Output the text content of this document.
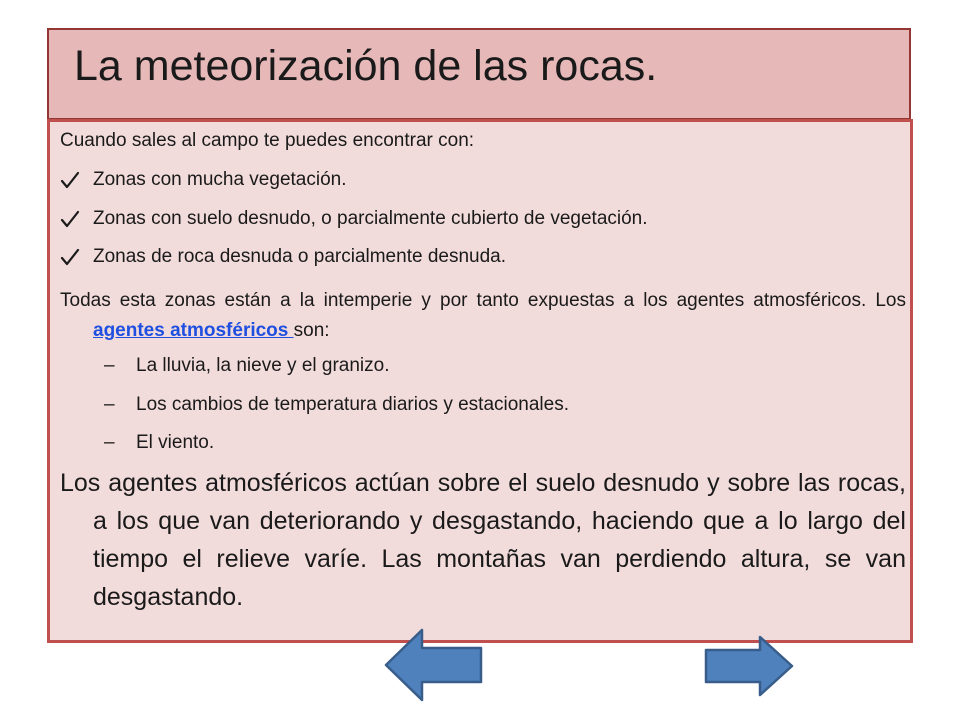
La meteorización de las rocas.
Cuando sales al campo te puedes encontrar con:
Zonas con mucha vegetación.
Zonas con suelo desnudo, o parcialmente cubierto de vegetación.
Zonas de roca desnuda o parcialmente desnuda.
Todas esta zonas están a la intemperie y por tanto expuestas a los agentes atmosféricos. Los agentes atmosféricos son:
– La lluvia, la nieve y el granizo.
– Los cambios de temperatura diarios y estacionales.
– El viento.
Los agentes atmosféricos actúan sobre el suelo desnudo y sobre las rocas, a los que van deteriorando y desgastando, haciendo que a lo largo del tiempo el relieve varíe. Las montañas van perdiendo altura, se van desgastando.
